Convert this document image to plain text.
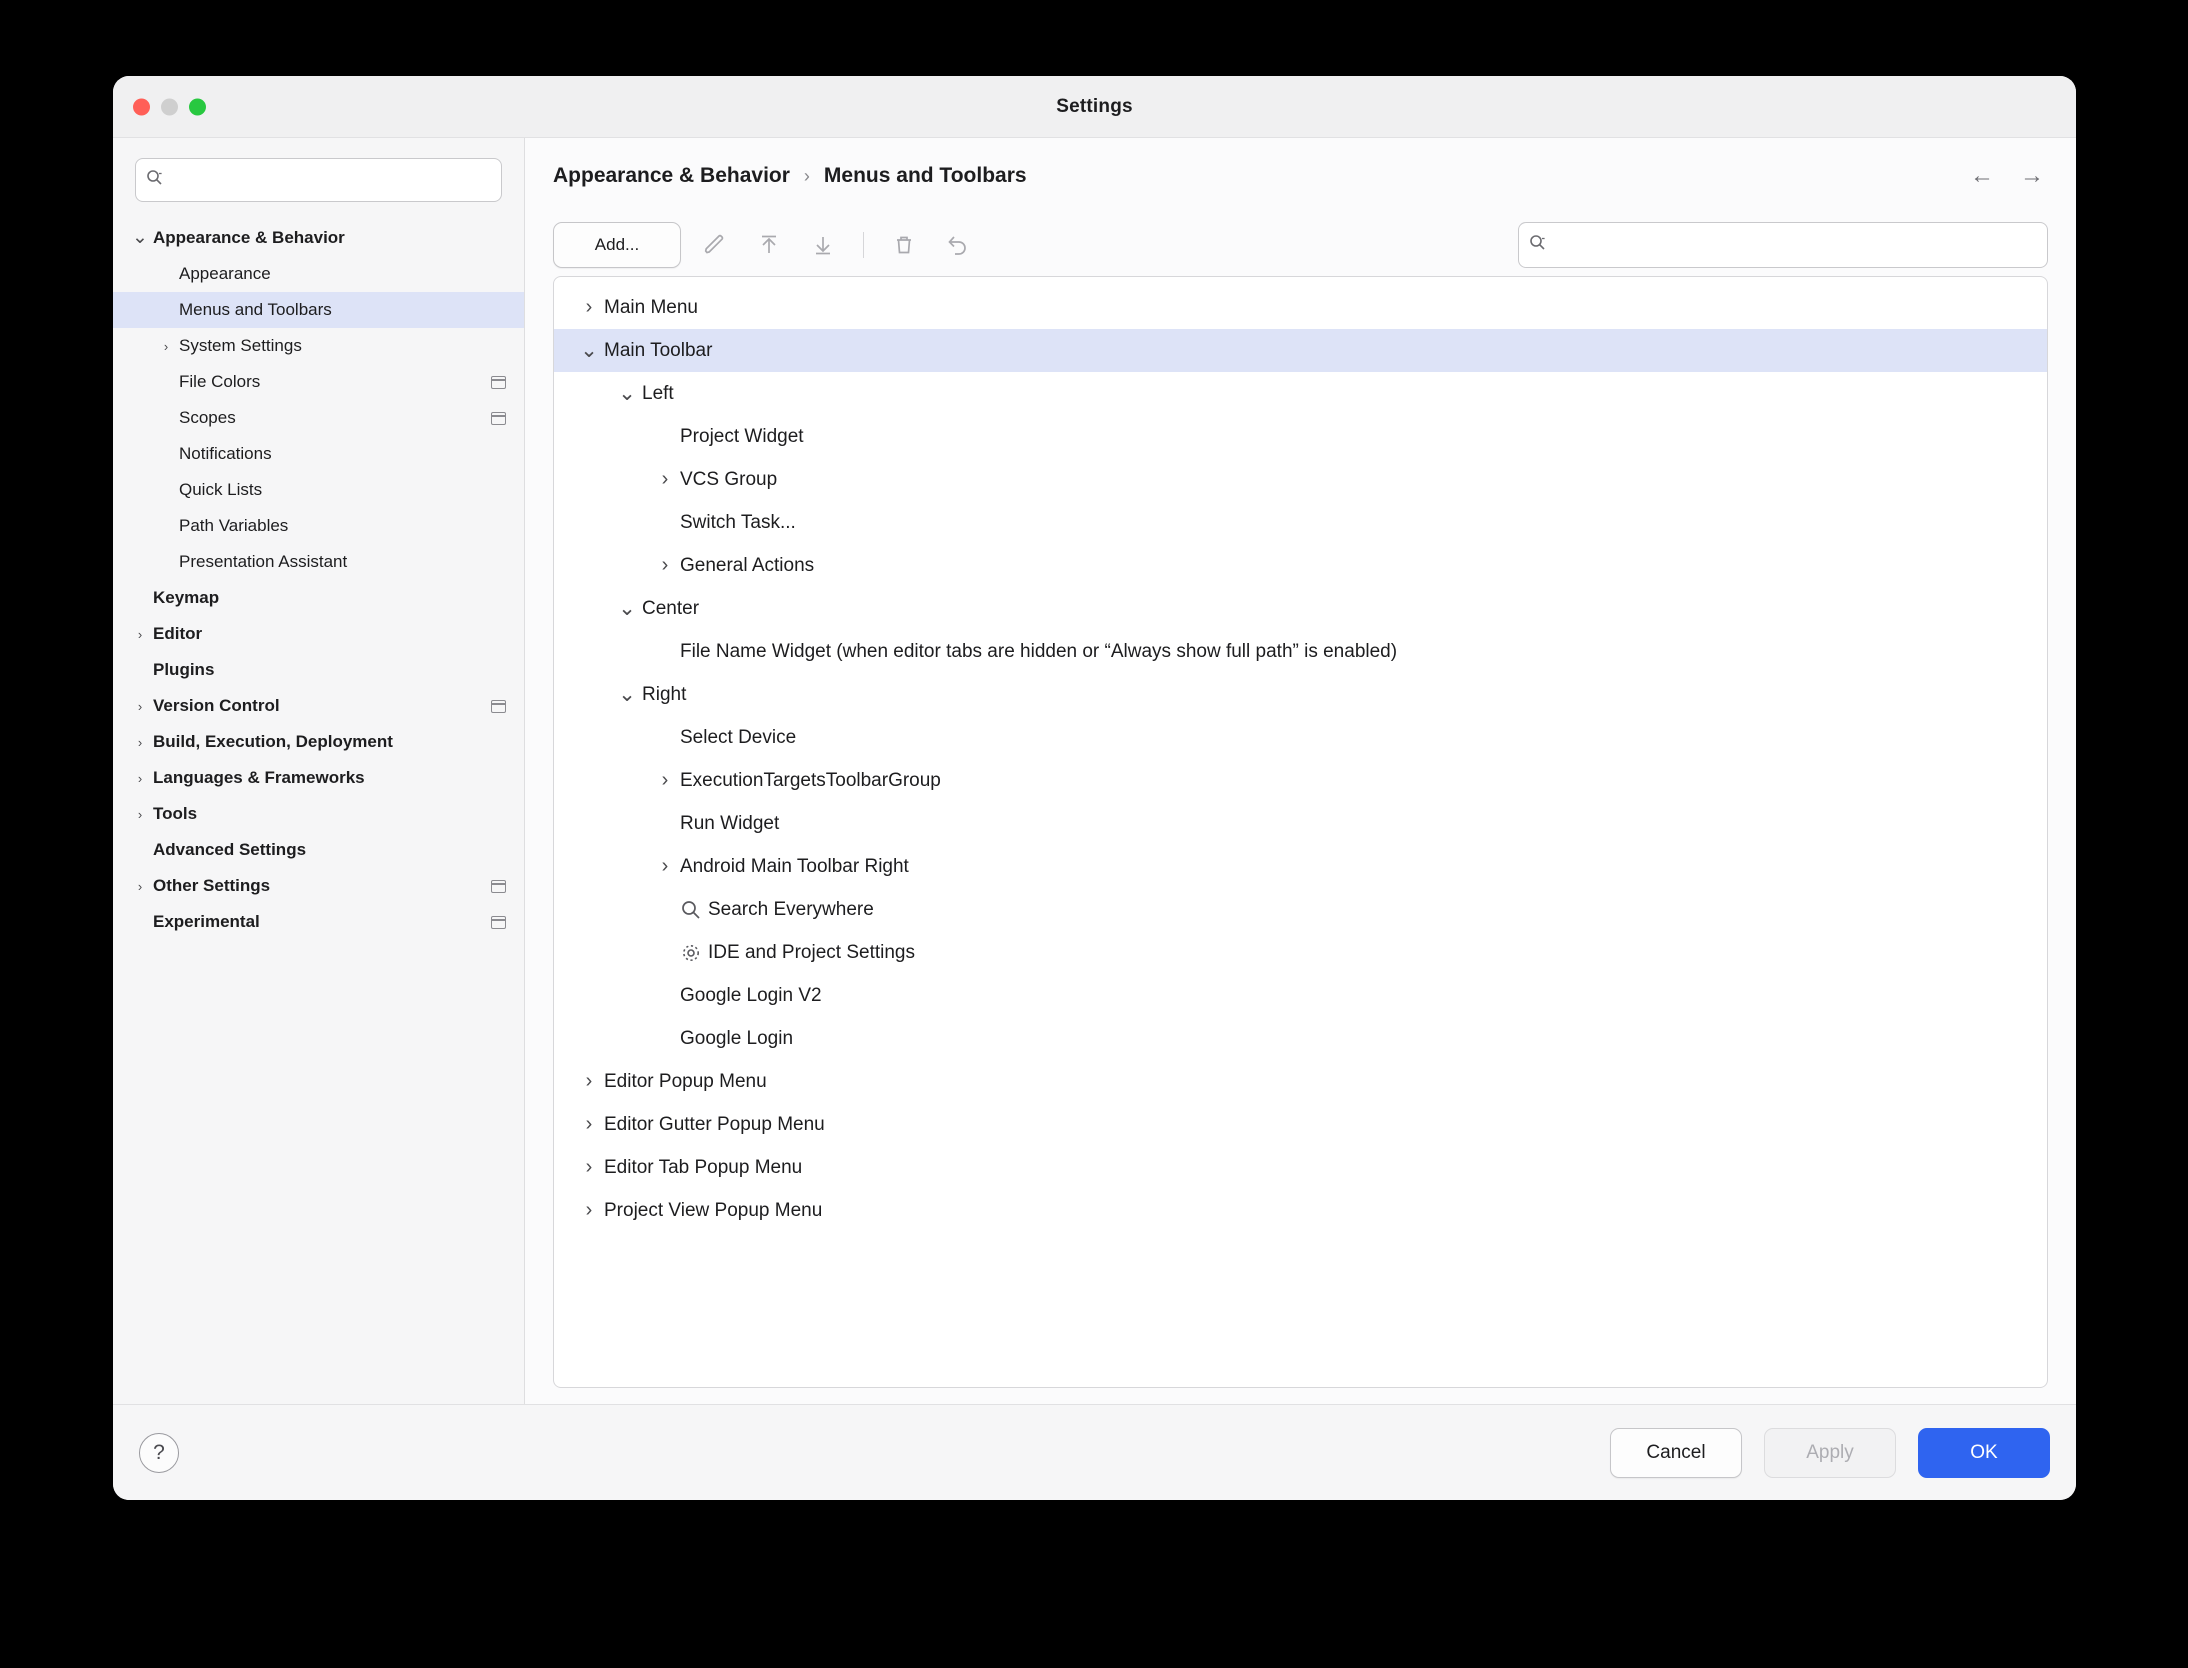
Settings
⌄ Appearance & Behavior
Appearance
Menus and Toolbars
› System Settings
File Colors
Scopes
Notifications
Quick Lists
Path Variables
Presentation Assistant
Keymap
› Editor
Plugins
› Version Control
› Build, Execution, Deployment
› Languages & Frameworks
› Tools
Advanced Settings
› Other Settings
Experimental
Appearance & Behavior › Menus and Toolbars	← →
Add...
› Main Menu
⌄ Main Toolbar
⌄ Left
Project Widget
› VCS Group
Switch Task...
› General Actions
⌄ Center
File Name Widget (when editor tabs are hidden or “Always show full path” is enabled)
⌄ Right
Select Device
› ExecutionTargetsToolbarGroup
Run Widget
› Android Main Toolbar Right
Search Everywhere
IDE and Project Settings
Google Login V2
Google Login
› Editor Popup Menu
› Editor Gutter Popup Menu
› Editor Tab Popup Menu
› Project View Popup Menu
?	Cancel	Apply	OK
